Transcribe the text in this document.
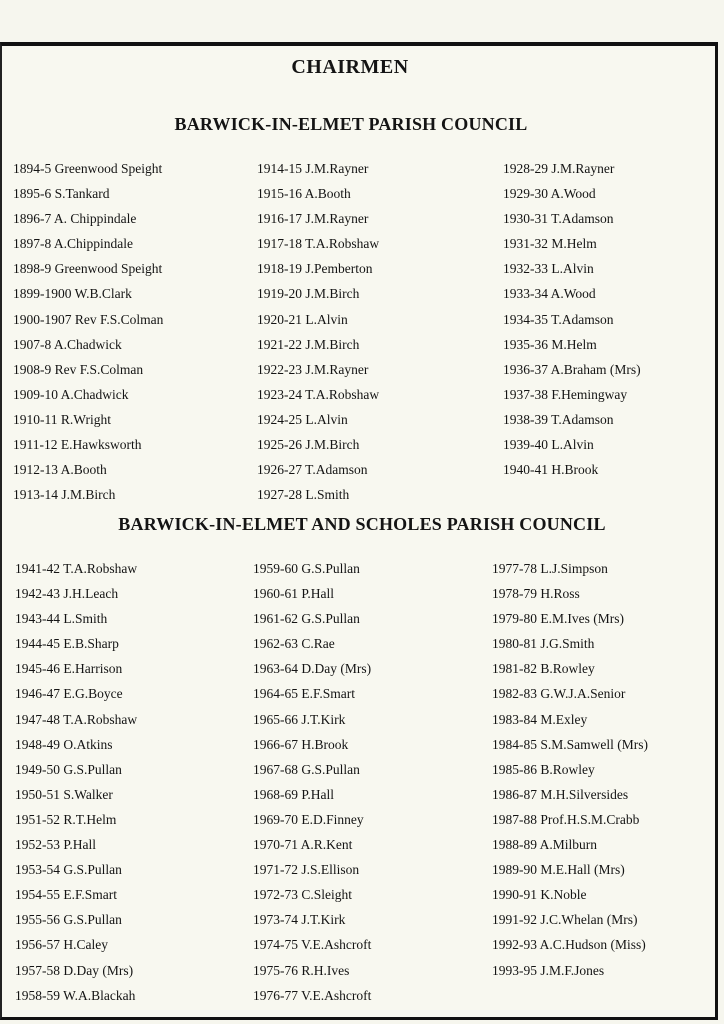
CHAIRMEN
BARWICK-IN-ELMET PARISH COUNCIL
1894-5 Greenwood Speight
1895-6 S.Tankard
1896-7 A. Chippindale
1897-8 A.Chippindale
1898-9 Greenwood Speight
1899-1900 W.B.Clark
1900-1907 Rev F.S.Colman
1907-8 A.Chadwick
1908-9 Rev F.S.Colman
1909-10 A.Chadwick
1910-11 R.Wright
1911-12 E.Hawksworth
1912-13 A.Booth
1913-14 J.M.Birch
1914-15 J.M.Rayner
1915-16 A.Booth
1916-17 J.M.Rayner
1917-18 T.A.Robshaw
1918-19 J.Pemberton
1919-20 J.M.Birch
1920-21 L.Alvin
1921-22 J.M.Birch
1922-23 J.M.Rayner
1923-24 T.A.Robshaw
1924-25 L.Alvin
1925-26 J.M.Birch
1926-27 T.Adamson
1927-28 L.Smith
1928-29 J.M.Rayner
1929-30 A.Wood
1930-31 T.Adamson
1931-32 M.Helm
1932-33 L.Alvin
1933-34 A.Wood
1934-35 T.Adamson
1935-36 M.Helm
1936-37 A.Braham (Mrs)
1937-38 F.Hemingway
1938-39 T.Adamson
1939-40 L.Alvin
1940-41 H.Brook
BARWICK-IN-ELMET AND SCHOLES PARISH COUNCIL
1941-42 T.A.Robshaw
1942-43 J.H.Leach
1943-44 L.Smith
1944-45 E.B.Sharp
1945-46 E.Harrison
1946-47 E.G.Boyce
1947-48 T.A.Robshaw
1948-49 O.Atkins
1949-50 G.S.Pullan
1950-51 S.Walker
1951-52 R.T.Helm
1952-53 P.Hall
1953-54 G.S.Pullan
1954-55 E.F.Smart
1955-56 G.S.Pullan
1956-57 H.Caley
1957-58 D.Day (Mrs)
1958-59 W.A.Blackah
1959-60 G.S.Pullan
1960-61 P.Hall
1961-62 G.S.Pullan
1962-63 C.Rae
1963-64 D.Day (Mrs)
1964-65 E.F.Smart
1965-66 J.T.Kirk
1966-67 H.Brook
1967-68 G.S.Pullan
1968-69 P.Hall
1969-70 E.D.Finney
1970-71 A.R.Kent
1971-72 J.S.Ellison
1972-73 C.Sleight
1973-74 J.T.Kirk
1974-75 V.E.Ashcroft
1975-76 R.H.Ives
1976-77 V.E.Ashcroft
1977-78 L.J.Simpson
1978-79 H.Ross
1979-80 E.M.Ives (Mrs)
1980-81 J.G.Smith
1981-82 B.Rowley
1982-83 G.W.J.A.Senior
1983-84 M.Exley
1984-85 S.M.Samwell (Mrs)
1985-86 B.Rowley
1986-87 M.H.Silversides
1987-88 Prof.H.S.M.Crabb
1988-89 A.Milburn
1989-90 M.E.Hall (Mrs)
1990-91 K.Noble
1991-92 J.C.Whelan (Mrs)
1992-93 A.C.Hudson (Miss)
1993-95 J.M.F.Jones
